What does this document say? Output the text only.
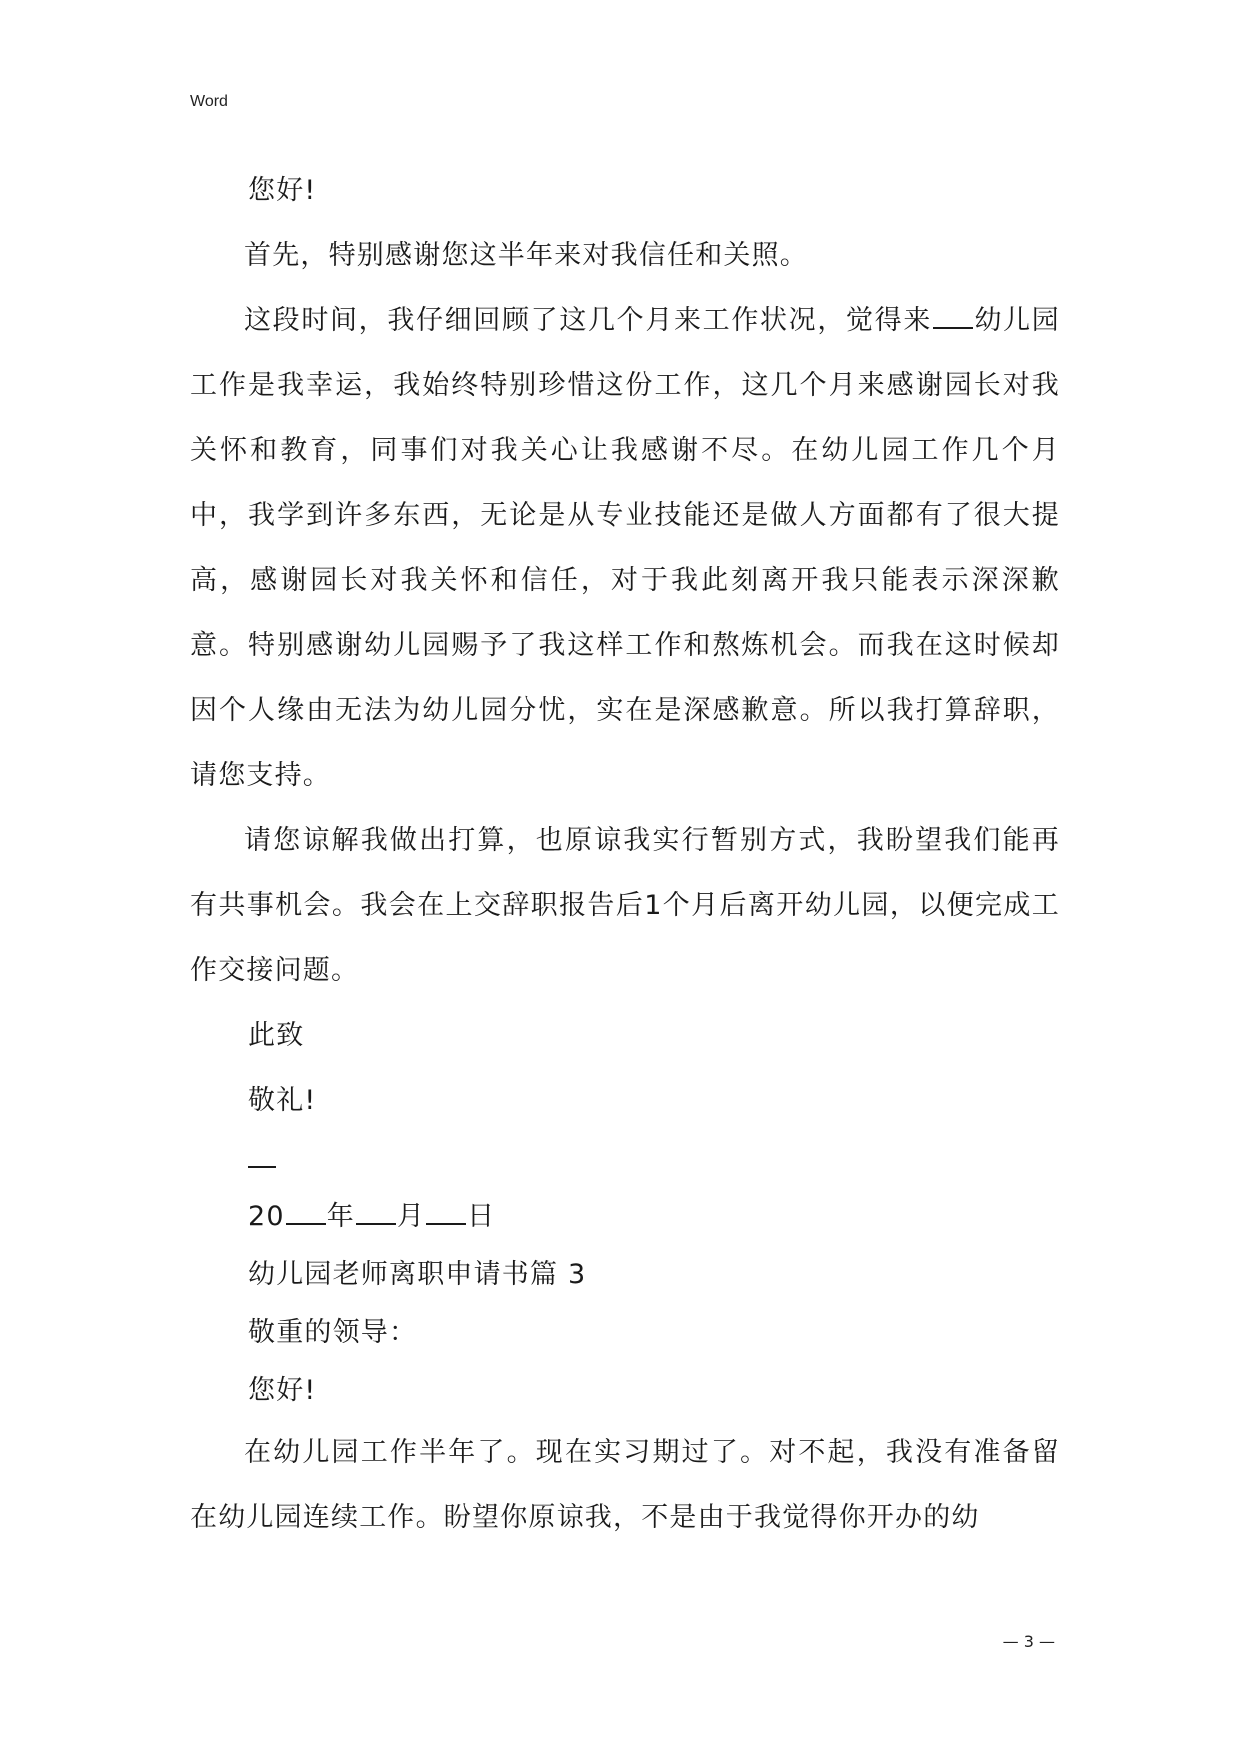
Word

您好!

首先，特别感谢您这半年来对我信任和关照。

这段时间，我仔细回顾了这几个月来工作状况，觉得来 幼儿园工作是我幸运，我始终特别珍惜这份工作，这几个月来感谢园长对我关怀和教育，同事们对我关心让我感谢不尽。在幼儿园工作几个月中，我学到许多东西，无论是从专业技能还是做人方面都有了很大提高，感谢园长对我关怀和信任，对于我此刻离开我只能表示深深歉意。特别感谢幼儿园赐予了我这样工作和熬炼机会。而我在这时候却因个人缘由无法为幼儿园分忧，实在是深感歉意。所以我打算辞职，请您支持。

请您谅解我做出打算，也原谅我实行暂别方式，我盼望我们能再有共事机会。我会在上交辞职报告后1个月后离开幼儿园，以便完成工作交接问题。

此致

敬礼!

20 年 月 日

幼儿园老师离职申请书篇 3

敬重的领导：

您好!

在幼儿园工作半年了。现在实习期过了。对不起，我没有准备留在幼儿园连续工作。盼望你原谅我，不是由于我觉得你开办的幼

— 3 —
